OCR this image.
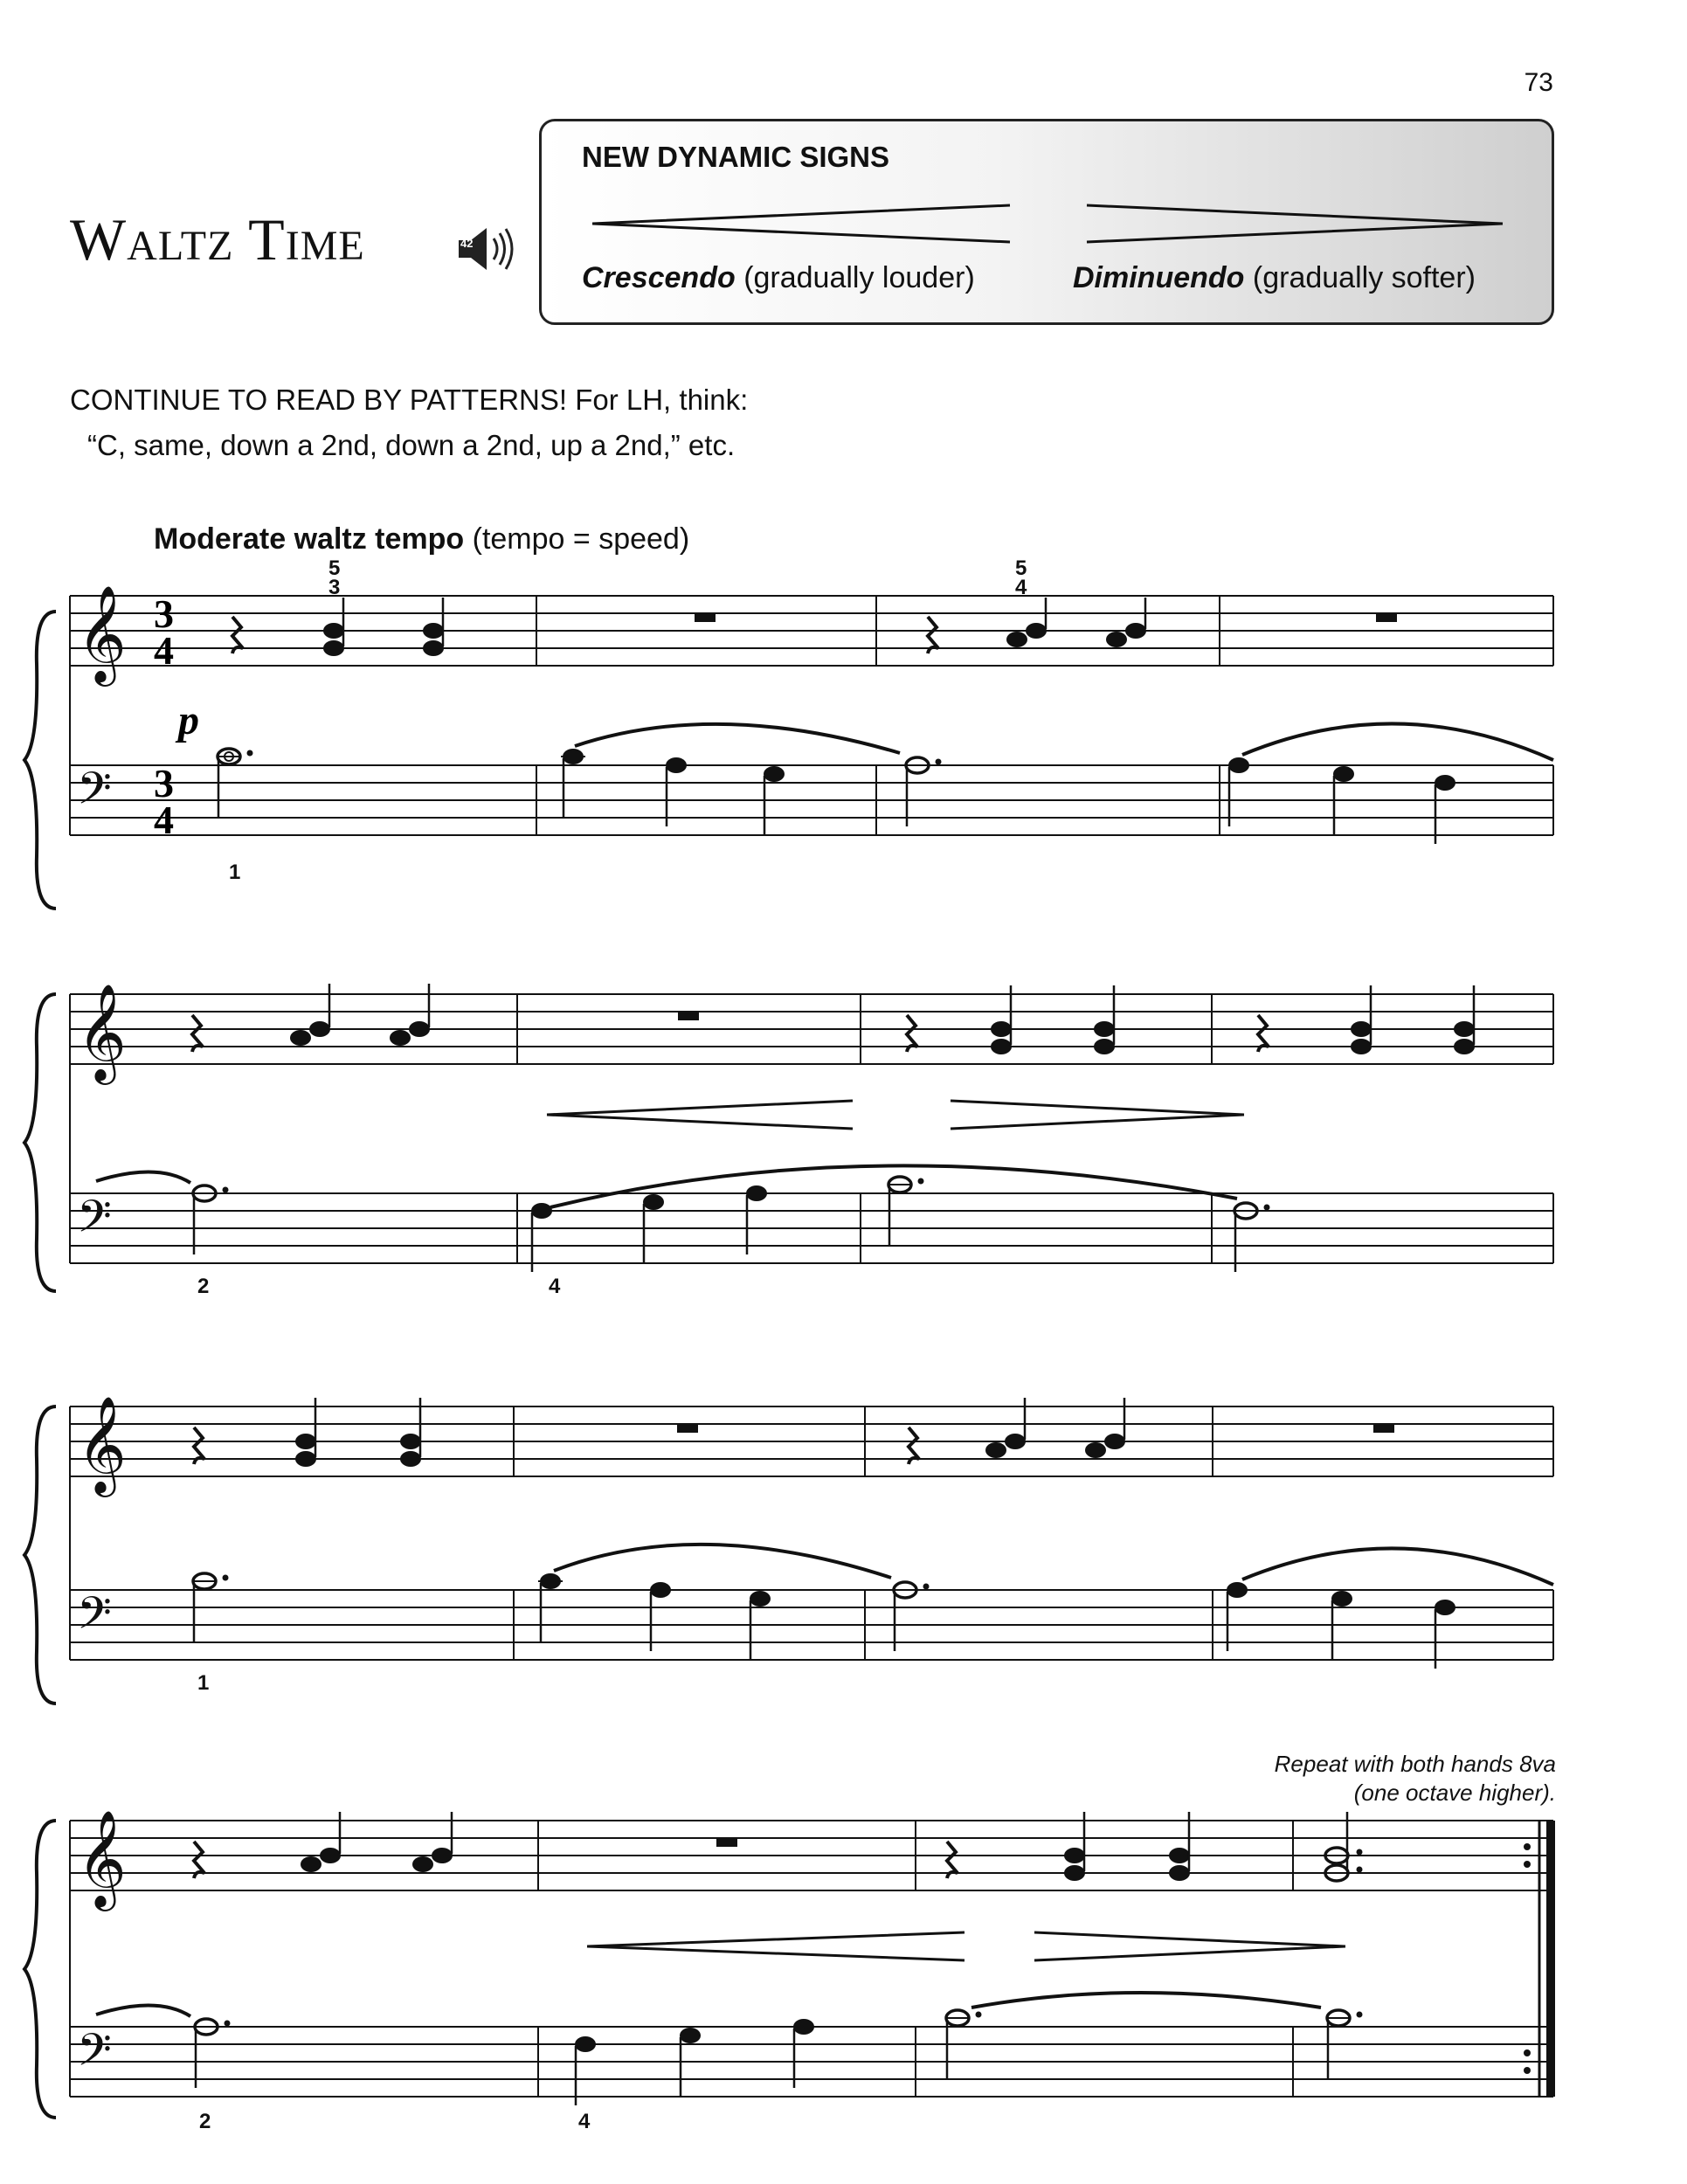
73
Waltz Time	42
NEW DYNAMIC SIGNS
Crescendo (gradually louder)	Diminuendo (gradually softer)
CONTINUE TO READ BY PATTERNS! For LH, think:
“C, same, down a 2nd, down a 2nd, up a 2nd,” etc.
Moderate waltz tempo (tempo = speed)
Repeat with both hands 8va
(one octave higher).
𝄞
𝄢
3
4
3
4
p
5
3
5
4
1
𝄞
𝄢
2	4
𝄞
𝄢
1
𝄞
𝄢
2	4
